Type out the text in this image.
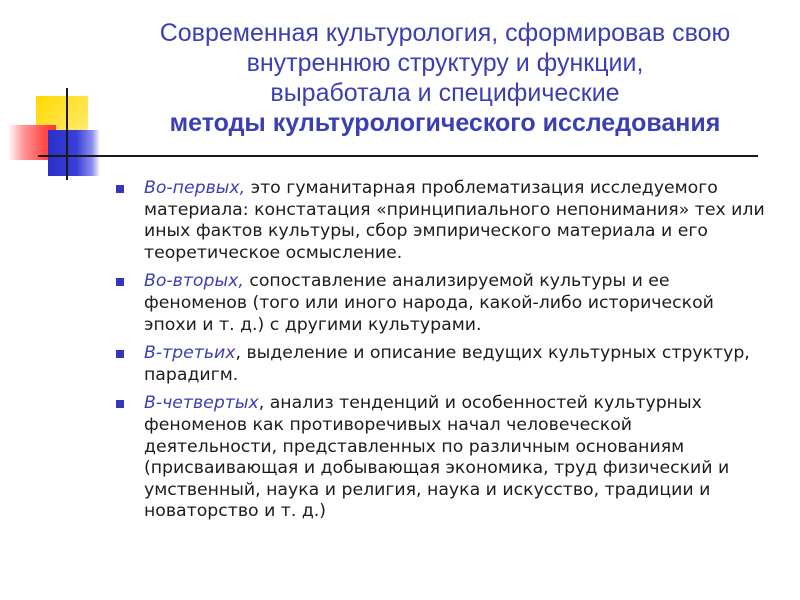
Современная культурология, сформировав свою
внутреннюю структуру и функции,
выработала и специфические
методы культурологического исследования
Во-первых, это гуманитарная проблематизация исследуемого материала: констатация «принципиального непонимания» тех или иных фактов культуры, сбор эмпирического материала и его теоретическое осмысление.
Во-вторых, сопоставление анализируемой культуры и ее феноменов (того или иного народа, какой-либо исторической эпохи и т. д.) с другими культурами.
В-третьих, выделение и описание ведущих культурных структур, парадигм.
В-четвертых, анализ тенденций и особенностей культурных феноменов как противоречивых начал человеческой деятельности, представленных по различным основаниям (присваивающая и добывающая экономика, труд физический и умственный, наука и религия, наука и искусство, традиции и новаторство и т. д.)
